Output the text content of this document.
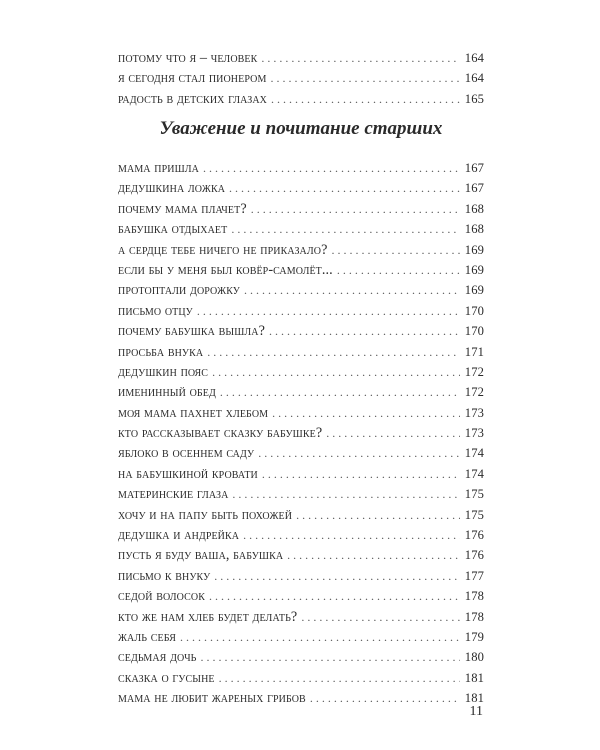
потому что я – человек . . .	164
я сегодня стал пионером . . .	164
радость в детских глазах . . .	165
Уважение и почитание старших
мама пришла . . .	167
дедушкина ложка . . .	167
почему мама плачет? . . .	168
бабушка отдыхает . . .	168
а сердце тебе ничего не приказало? . . .	169
если бы у меня был ковёр-самолёт... . . .	169
протоптали дорожку . . .	169
письмо отцу . . .	170
почему бабушка вышла? . . .	170
просьба внука . . .	171
дедушкин пояс . . .	172
именинный обед . . .	172
моя мама пахнет хлебом . . .	173
кто рассказывает сказку бабушке? . . .	173
яблоко в осеннем саду . . .	174
на бабушкиной кровати . . .	174
материнские глаза . . .	175
хочу и на папу быть похожей . . .	175
дедушка и андрейка . . .	176
пусть я буду ваша, бабушка . . .	176
письмо к внуку . . .	177
седой волосок . . .	178
кто же нам хлеб будет делать? . . .	178
жаль себя . . .	179
седьмая дочь . . .	180
сказка о гусыне . . .	181
мама не любит жареных грибов . . .	181
11
